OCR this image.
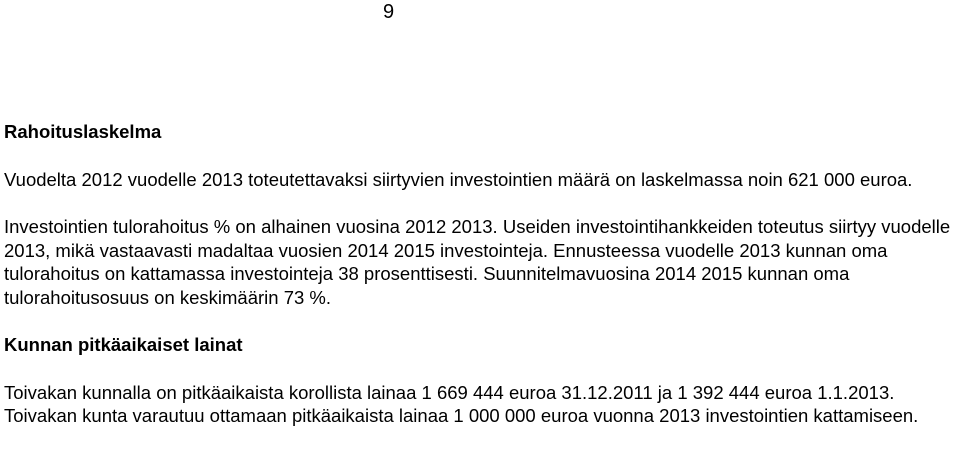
9
Rahoituslaskelma

Vuodelta 2012 vuodelle 2013 toteutettavaksi siirtyvien investointien määrä on laskelmassa noin 621 000 euroa.

Investointien tulorahoitus % on alhainen vuosina 2012 2013. Useiden investointihankkeiden toteutus siirtyy vuodelle 2013, mikä vastaavasti madaltaa vuosien 2014 2015 investointeja. Ennusteessa vuodelle 2013 kunnan oma tulorahoitus on kattamassa investointeja 38 prosenttisesti. Suunnitelmavuosina 2014 2015 kunnan oma tulorahoitusosuus on keskimäärin 73 %.

Kunnan pitkäaikaiset lainat

Toivakan kunnalla on pitkäaikaista korollista lainaa 1 669 444 euroa 31.12.2011 ja 1 392 444 euroa 1.1.2013. Toivakan kunta varautuu ottamaan pitkäaikaista lainaa 1 000 000 euroa vuonna 2013 investointien kattamiseen.
